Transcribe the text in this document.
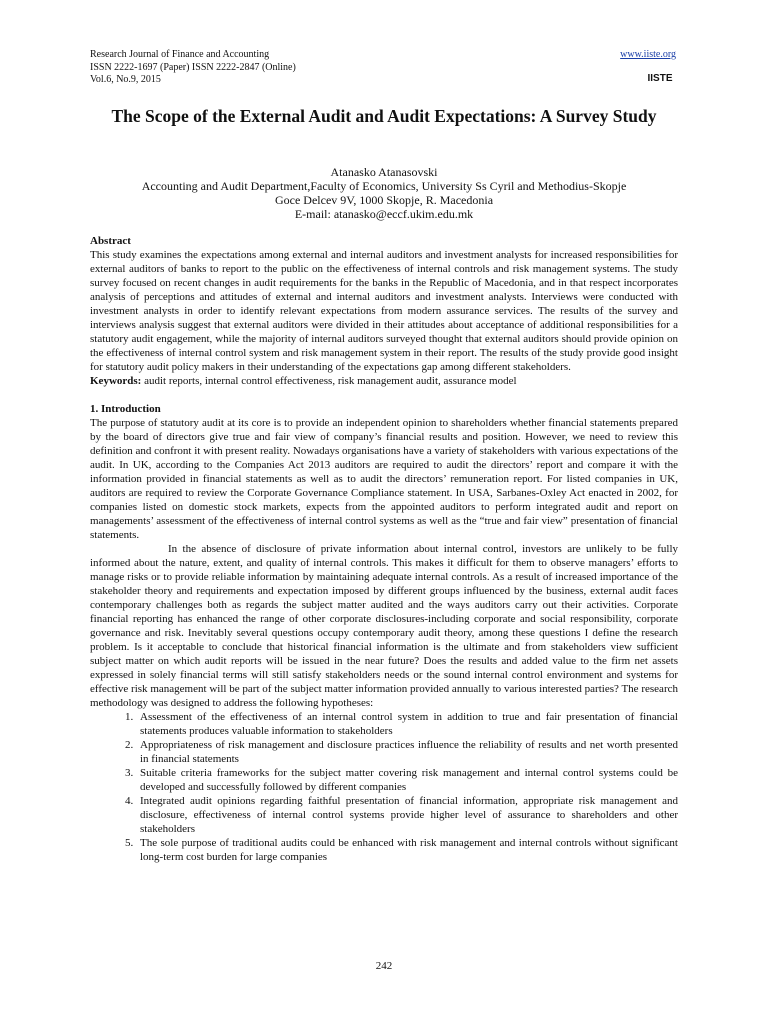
Research Journal of Finance and Accounting
ISSN 2222-1697 (Paper) ISSN 2222-2847 (Online)
Vol.6, No.9, 2015
www.iiste.org
IISTE
The Scope of the External Audit and Audit Expectations: A Survey Study
Atanasko Atanasovski
Accounting and Audit Department,Faculty of Economics, University Ss Cyril and Methodius-Skopje
Goce Delcev 9V, 1000 Skopje, R. Macedonia
E-mail: atanasko@eccf.ukim.edu.mk

Abstract

This study examines the expectations among external and internal auditors and investment analysts for increased responsibilities for external auditors of banks to report to the public on the effectiveness of internal controls and risk management systems. The study survey focused on recent changes in audit requirements for the banks in the Republic of Macedonia, and in that respect incorporates analysis of perceptions and attitudes of external and internal auditors and investment analysts. Interviews were conducted with investment analysts in order to identify relevant expectations from modern assurance services. The results of the survey and interviews analysis suggest that external auditors were divided in their attitudes about acceptance of additional responsibilities for a statutory audit engagement, while the majority of internal auditors surveyed thought that external auditors should provide opinion on the effectiveness of internal control system and risk management system in their report. The results of the study provide good insight for statutory audit policy makers in their understanding of the expectations gap among different stakeholders.

Keywords: audit reports, internal control effectiveness, risk management audit, assurance model

1. Introduction

The purpose of statutory audit at its core is to provide an independent opinion to shareholders whether financial statements prepared by the board of directors give true and fair view of company’s financial results and position. However, we need to review this definition and confront it with present reality. Nowadays organisations have a variety of stakeholders with various expectations of the audit. In UK, according to the Companies Act 2013 auditors are required to audit the directors’ report and compare it with the information provided in financial statements as well as to audit the directors’ remuneration report. For listed companies in UK, auditors are required to review the Corporate Governance Compliance statement. In USA, Sarbanes-Oxley Act enacted in 2002, for companies listed on domestic stock markets, expects from the appointed auditors to perform integrated audit and report on managements’ assessment of the effectiveness of internal control systems as well as the “true and fair view” presentation of financial statements.

In the absence of disclosure of private information about internal control, investors are unlikely to be fully informed about the nature, extent, and quality of internal controls. This makes it difficult for them to observe managers’ efforts to manage risks or to provide reliable information by maintaining adequate internal controls. As a result of increased importance of the stakeholder theory and requirements and expectation imposed by different groups influenced by the business, external audit faces contemporary challenges both as regards the subject matter audited and the ways auditors carry out their activities. Corporate financial reporting has enhanced the range of other corporate disclosures-including corporate and social responsibility, corporate governance and risk. Inevitably several questions occupy contemporary audit theory, among these questions I define the research problem. Is it acceptable to conclude that historical financial information is the ultimate and from stakeholders view sufficient subject matter on which audit reports will be issued in the near future? Does the results and added value to the firm net assets expressed in solely financial terms will still satisfy stakeholders needs or the sound internal control environment and systems for effective risk management will be part of the subject matter information provided annually to various interested parties? The research methodology was designed to address the following hypotheses:

1. Assessment of the effectiveness of an internal control system in addition to true and fair presentation of financial statements produces valuable information to stakeholders
2. Appropriateness of risk management and disclosure practices influence the reliability of results and net worth presented in financial statements
3. Suitable criteria frameworks for the subject matter covering risk management and internal control systems could be developed and successfully followed by different companies
4. Integrated audit opinions regarding faithful presentation of financial information, appropriate risk management and disclosure, effectiveness of internal control systems provide higher level of assurance to shareholders and other stakeholders
5. The sole purpose of traditional audits could be enhanced with risk management and internal controls without significant long-term cost burden for large companies
242
